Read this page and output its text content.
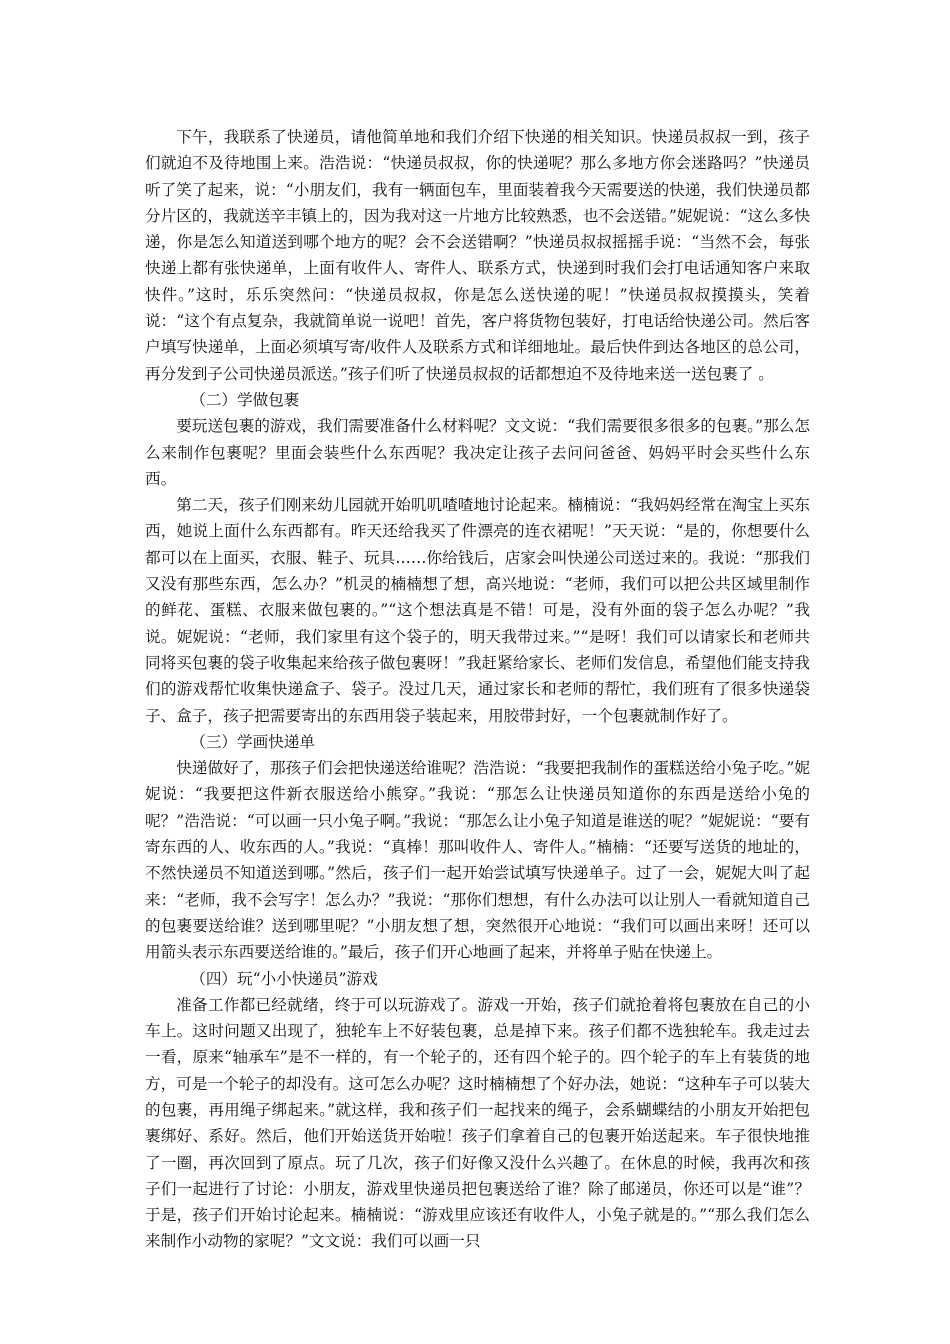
下午，我联系了快递员，请他简单地和我们介绍下快递的相关知识。快递员叔叔一到，孩子们就迫不及待地围上来。浩浩说：“快递员叔叔，你的快递呢？那么多地方你会迷路吗？”快递员听了笑了起来，说：“小朋友们，我有一辆面包车，里面装着我今天需要送的快递，我们快递员都分片区的，我就送辛丰镇上的，因为我对这一片地方比较熟悉，也不会送错。”妮妮说：“这么多快递，你是怎么知道送到哪个地方的呢？会不会送错啊？”快递员叔叔摇摇手说：“当然不会，每张快递上都有张快递单，上面有收件人、寄件人、联系方式，快递到时我们会打电话通知客户来取快件。”这时，乐乐突然问：“快递员叔叔，你是怎么送快递的呢！”快递员叔叔摸摸头，笑着说：“这个有点复杂，我就简单说一说吧！首先，客户将货物包装好，打电话给快递公司。然后客户填写快递单，上面必须填写寄/收件人及联系方式和详细地址。最后快件到达各地区的总公司，再分发到子公司快递员派送。”孩子们听了快递员叔叔的话都想迫不及待地来送一送包裹了 。

（二）学做包裹

要玩送包裹的游戏，我们需要准备什么材料呢？文文说：“我们需要很多很多的包裹。”那么怎么来制作包裹呢？里面会装些什么东西呢？我决定让孩子去问问爸爸、妈妈平时会买些什么东西。

第二天，孩子们刚来幼儿园就开始叽叽喳喳地讨论起来。楠楠说：“我妈妈经常在淘宝上买东西，她说上面什么东西都有。昨天还给我买了件漂亮的连衣裙呢！”天天说：“是的，你想要什么都可以在上面买，衣服、鞋子、玩具……你给钱后，店家会叫快递公司送过来的。我说：“那我们又没有那些东西，怎么办？”机灵的楠楠想了想，高兴地说：“老师，我们可以把公共区域里制作的鲜花、蛋糕、衣服来做包裹的。”“这个想法真是不错！可是，没有外面的袋子怎么办呢？”我说。妮妮说：“老师，我们家里有这个袋子的，明天我带过来。”“是呀！我们可以请家长和老师共同将买包裹的袋子收集起来给孩子做包裹呀！”我赶紧给家长、老师们发信息，希望他们能支持我们的游戏帮忙收集快递盒子、袋子。没过几天，通过家长和老师的帮忙，我们班有了很多快递袋子、盒子，孩子把需要寄出的东西用袋子装起来，用胶带封好，一个包裹就制作好了。

（三）学画快递单

快递做好了，那孩子们会把快递送给谁呢？浩浩说：“我要把我制作的蛋糕送给小兔子吃。”妮妮说：“我要把这件新衣服送给小熊穿。”我说：“那怎么让快递员知道你的东西是送给小兔的呢？”浩浩说：“可以画一只小兔子啊。”我说：“那怎么让小兔子知道是谁送的呢？”妮妮说：“要有寄东西的人、收东西的人。”我说：“真棒！那叫收件人、寄件人。”楠楠：“还要写送货的地址的，不然快递员不知道送到哪。”然后，孩子们一起开始尝试填写快递单子。过了一会，妮妮大叫了起来：“老师，我不会写字！怎么办？”我说：“那你们想想，有什么办法可以让别人一看就知道自己的包裹要送给谁？送到哪里呢？”小朋友想了想，突然很开心地说：“我们可以画出来呀！还可以用箭头表示东西要送给谁的。”最后，孩子们开心地画了起来，并将单子贴在快递上。

（四）玩“小小快递员”游戏

准备工作都已经就绪，终于可以玩游戏了。游戏一开始，孩子们就抢着将包裹放在自己的小车上。这时问题又出现了，独轮车上不好装包裹，总是掉下来。孩子们都不选独轮车。我走过去一看，原来“轴承车”是不一样的，有一个轮子的，还有四个轮子的。四个轮子的车上有装货的地方，可是一个轮子的却没有。这可怎么办呢？这时楠楠想了个好办法，她说：“这种车子可以装大的包裹，再用绳子绑起来。”就这样，我和孩子们一起找来的绳子，会系蝴蝶结的小朋友开始把包裹绑好、系好。然后，他们开始送货开始啦！孩子们拿着自己的包裹开始送起来。车子很快地推了一圈，再次回到了原点。玩了几次，孩子们好像又没什么兴趣了。在休息的时候，我再次和孩子们一起进行了讨论：小朋友，游戏里快递员把包裹送给了谁？除了邮递员，你还可以是“谁”？于是，孩子们开始讨论起来。楠楠说：“游戏里应该还有收件人，小兔子就是的。”“那么我们怎么来制作小动物的家呢？”文文说：我们可以画一只
